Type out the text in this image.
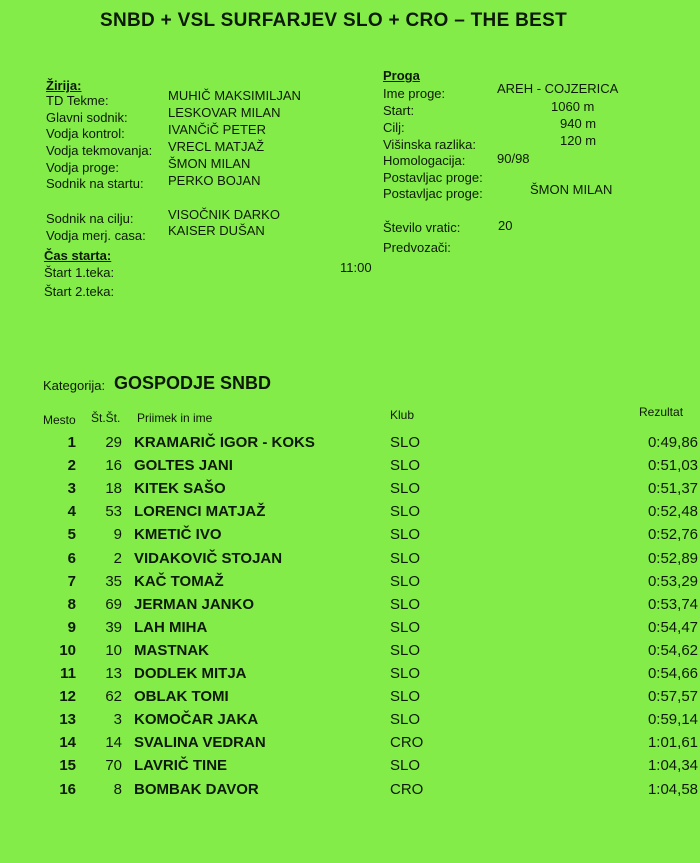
SNBD + VSL SURFARJEV SLO + CRO – THE BEST
Žirija:
TD Tekme:	MUHIČ MAKSIMILJAN
Glavni sodnik:	LESKOVAR MILAN
Vodja kontrol:	IVANČiČ PETER
Vodja tekmovanja: VRECL MATJAŽ
Vodja proge:	ŠMON MILAN
Sodnik na startu: PERKO BOJAN
Sodnik na cilju:	VISOČNIK DARKO
Vodja merj. casa: KAISER DUŠAN
Čas starta:
Štart 1.teka:	11:00
Štart 2.teka:
Proga
Ime proge:	AREH - COJZERICA
Start:	1060 m
Cilj:	940 m
Višinska razlika:	120 m
Homologacija: 90/98
Postavljac proge:
Postavljac proge:	ŠMON MILAN
Število vratic:	20
Predvozači:
Kategorija: GOSPODJE SNBD
Mesto Št.Št. Priimek in ime	Klub	Rezultat
1	29 KRAMARIČ IGOR - KOKS	SLO	0:49,86
2	16 GOLTES JANI	SLO	0:51,03
3	18 KITEK SAŠO	SLO	0:51,37
4	53 LORENCI MATJAŽ	SLO	0:52,48
5	9 KMETIČ IVO	SLO	0:52,76
6	2 VIDAKOVIČ STOJAN	SLO	0:52,89
7	35 KAČ TOMAŽ	SLO	0:53,29
8	69 JERMAN JANKO	SLO	0:53,74
9	39 LAH MIHA	SLO	0:54,47
10	10 MASTNAK	SLO	0:54,62
11	13 DODLEK MITJA	SLO	0:54,66
12	62 OBLAK TOMI	SLO	0:57,57
13	3 KOMOČAR JAKA	SLO	0:59,14
14	14 SVALINA VEDRAN	CRO	1:01,61
15	70 LAVRIČ TINE	SLO	1:04,34
16	8 BOMBAK DAVOR	CRO	1:04,58
